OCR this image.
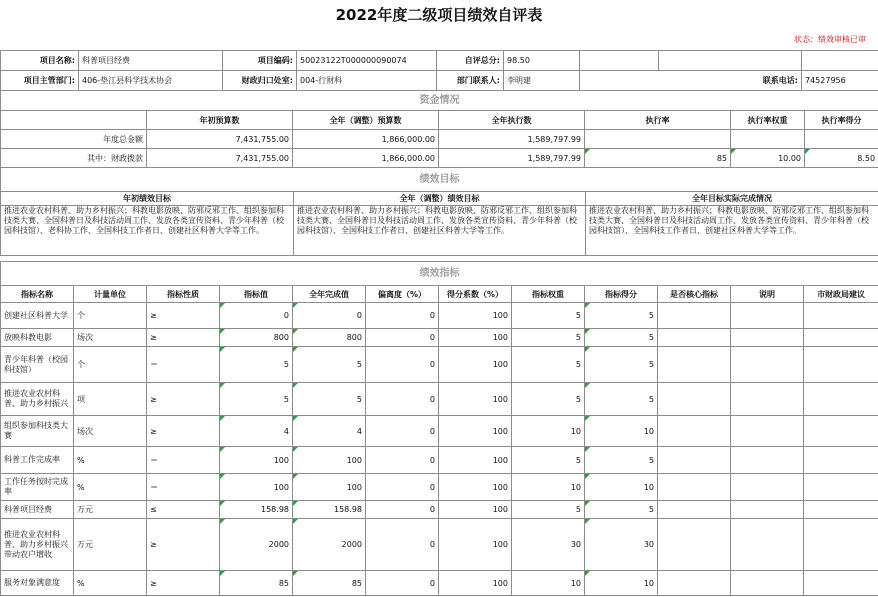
2022年度二级项目绩效自评表
状态：绩效审核已审
项目名称:	科普项目经费	项目编码:	50023122T000000090074	自评总分:	98.50			
项目主管部门:	406-垫江县科学技术协会	财政归口处室:	004-行财科	部门联系人:	李明建	联系电话:		74527956
资金情况						
	年初预算数	全年（调整）预算数	全年执行数	执行率	执行率权重	执行率得分
年度总金额	7,431,755.00	1,866,000.00	1,589,797.99			
其中：财政拨款	7,431,755.00	1,866,000.00	1,589,797.99	85	10.00	8.50
绩效目标		
年初绩效目标	全年（调整）绩效目标	全年目标实际完成情况
推进农业农村科普、助力乡村振兴；科教电影放映、防邪反邪工作、组织参加科技类大赛、全国科普日及科技活动周工作、发放各类宣传资料、青少年科普（校园科技馆）、老科协工作、全国科技工作者日、创建社区科普大学等工作。	推进农业农村科普、助力乡村振兴；科教电影放映、防邪反邪工作、组织参加科技类大赛、全国科普日及科技活动周工作、发放各类宣传资料、青少年科普（校园科技馆）、全国科技工作者日、创建社区科普大学等工作。	推进农业农村科普、助力乡村振兴；科教电影放映、防邪反邪工作、组织参加科技类大赛、全国科普日及科技活动周工作、发放各类宣传资料、青少年科普（校园科技馆）、全国科技工作者日、创建社区科普大学等工作。
绩效指标											
指标名称	计量单位	指标性质	指标值	全年完成值	偏离度（%）	得分系数（%）	指标权重	指标得分	是否核心指标	说明	市财政局建议
创建社区科普大学	个	≥	0	0	0	100	5	5			
放映科教电影	场次	≥	800	800	0	100	5	5			
青少年科普（校园科技馆）	个	＝	5	5	0	100	5	5			
推进农业农村科普、助力乡村振兴	项	≥	5	5	0	100	5	5			
组织参加科技类大赛	场次	≥	4	4	0	100	10	10			
科普工作完成率	%	＝	100	100	0	100	5	5			
工作任务按时完成率	%	＝	100	100	0	100	10	10			
科普项目经费	万元	≤	158.98	158.98	0	100	5	5			
推进农业农村科普、助力乡村振兴带动农户增收	万元	≥	2000	2000	0	100	30	30			
服务对象满意度	%	≥	85	85	0	100	10	10			
